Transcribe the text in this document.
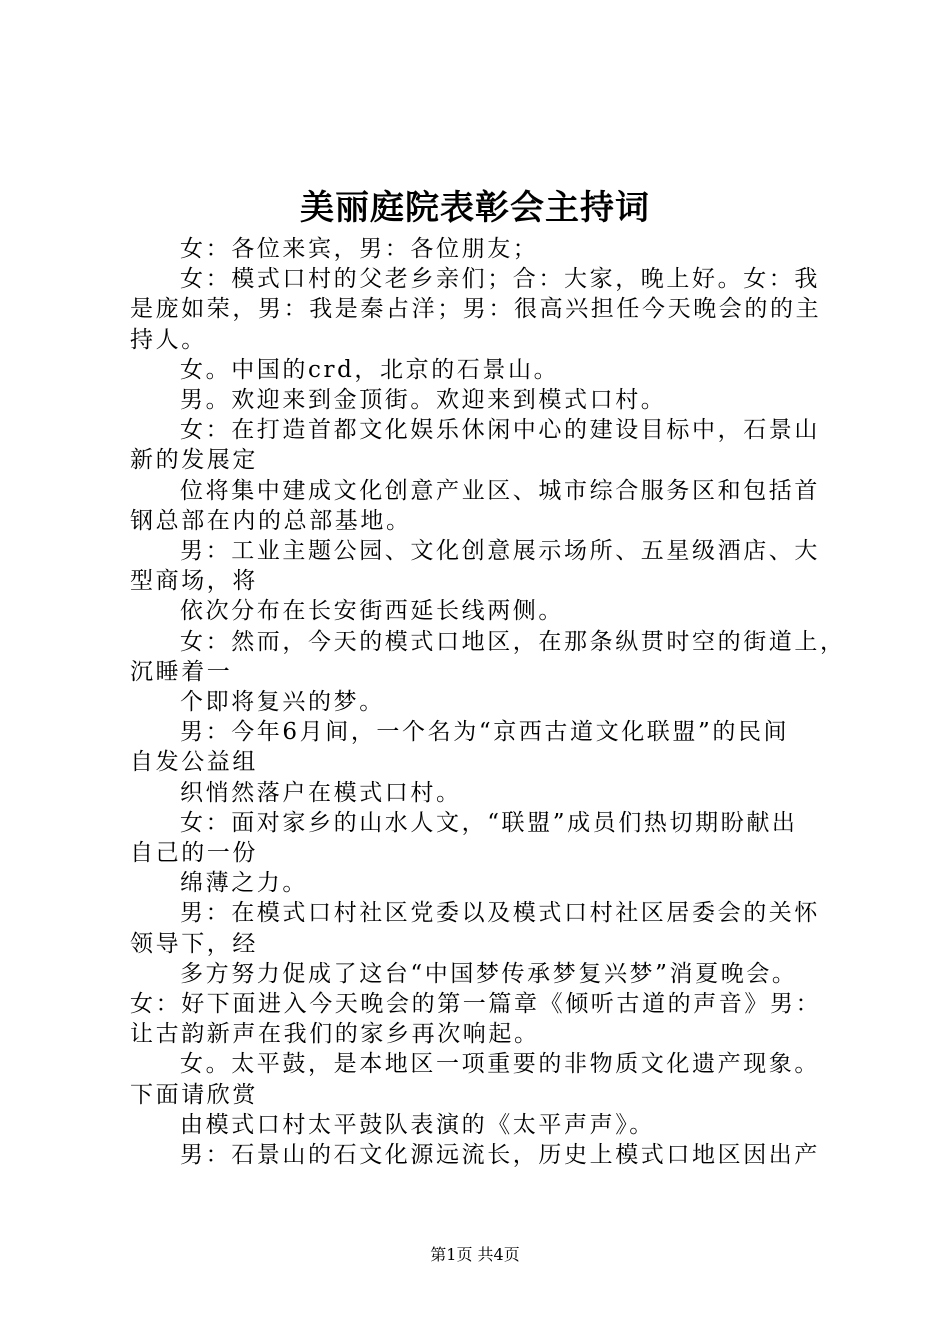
美丽庭院表彰会主持词
女：各位来宾，男：各位朋友；
女：模式口村的父老乡亲们；合：大家，晚上好。女：我
是庞如荣，男：我是秦占洋；男：很高兴担任今天晚会的的主
持人。
女。中国的crd，北京的石景山。
男。欢迎来到金顶街。欢迎来到模式口村。
女：在打造首都文化娱乐休闲中心的建设目标中，石景山
新的发展定
位将集中建成文化创意产业区、城市综合服务区和包括首
钢总部在内的总部基地。
男：工业主题公园、文化创意展示场所、五星级酒店、大
型商场，将
依次分布在长安街西延长线两侧。
女：然而，今天的模式口地区，在那条纵贯时空的街道上，
沉睡着一
个即将复兴的梦。
男：今年6月间，一个名为“京西古道文化联盟”的民间
自发公益组
织悄然落户在模式口村。
女：面对家乡的山水人文，“联盟”成员们热切期盼献出
自己的一份
绵薄之力。
男：在模式口村社区党委以及模式口村社区居委会的关怀
领导下，经
多方努力促成了这台“中国梦传承梦复兴梦”消夏晚会。
女：好下面进入今天晚会的第一篇章《倾听古道的声音》男：
让古韵新声在我们的家乡再次响起。
女。太平鼓，是本地区一项重要的非物质文化遗产现象。
下面请欣赏
由模式口村太平鼓队表演的《太平声声》。
男：石景山的石文化源远流长，历史上模式口地区因出产
第1页 共4页
